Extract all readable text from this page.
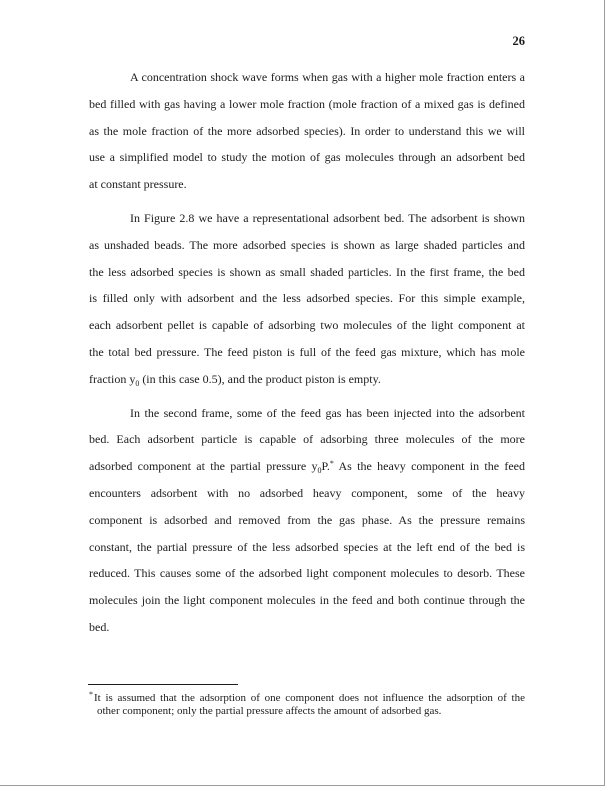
26
A concentration shock wave forms when gas with a higher mole fraction enters a
bed filled with gas having a lower mole fraction (mole fraction of a mixed gas is defined
as the mole fraction of the more adsorbed species). In order to understand this we will
use a simplified model to study the motion of gas molecules through an adsorbent bed
at constant pressure.
In Figure 2.8 we have a representational adsorbent bed. The adsorbent is shown
as unshaded beads. The more adsorbed species is shown as large shaded particles and
the less adsorbed species is shown as small shaded particles. In the first frame, the bed
is filled only with adsorbent and the less adsorbed species. For this simple example,
each adsorbent pellet is capable of adsorbing two molecules of the light component at
the total bed pressure. The feed piston is full of the feed gas mixture, which has mole
fraction $y_0$ (in this case 0.5), and the product piston is empty.
In the second frame, some of the feed gas has been injected into the adsorbent
bed. Each adsorbent particle is capable of adsorbing three molecules of the more
adsorbed component at the partial pressure $y_0P.^*$ As the heavy component in the feed
encounters adsorbent with no adsorbed heavy component, some of the heavy
component is adsorbed and removed from the gas phase. As the pressure remains
constant, the partial pressure of the less adsorbed species at the left end of the bed is
reduced. This causes some of the adsorbed light component molecules to desorb. These
molecules join the light component molecules in the feed and both continue through the
bed.
* It is assumed that the adsorption of one component does not influence the adsorption of the
other component; only the partial pressure affects the amount of adsorbed gas.
